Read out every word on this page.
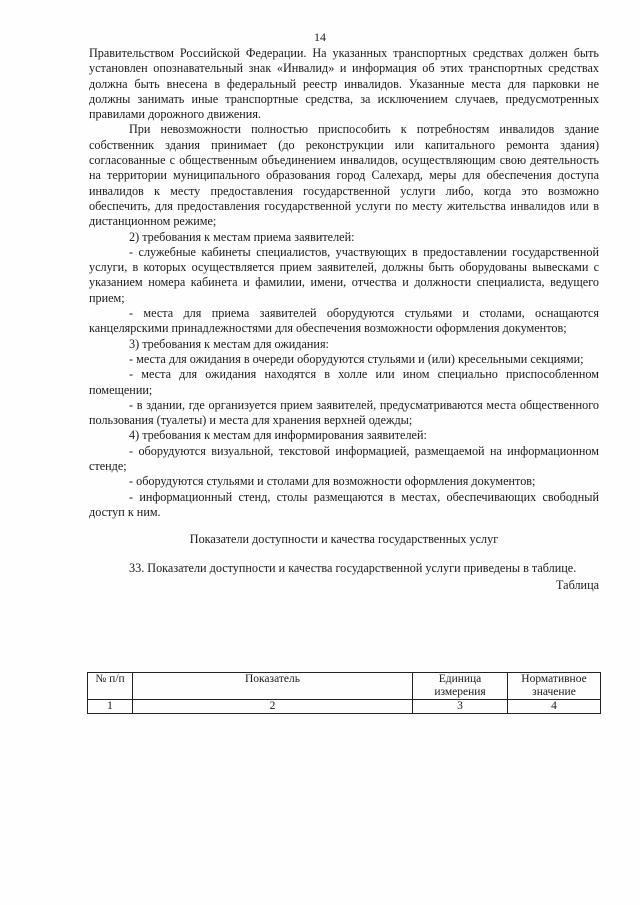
14

Правительством Российской Федерации. На указанных транспортных средствах должен быть установлен опознавательный знак «Инвалид» и информация об этих транспортных средствах должна быть внесена в федеральный реестр инвалидов. Указанные места для парковки не должны занимать иные транспортные средства, за исключением случаев, предусмотренных правилами дорожного движения.

При невозможности полностью приспособить к потребностям инвалидов здание собственник здания принимает (до реконструкции или капитального ремонта здания) согласованные с общественным объединением инвалидов, осуществляющим свою деятельность на территории муниципального образования город Салехард, меры для обеспечения доступа инвалидов к месту предоставления государственной услуги либо, когда это возможно обеспечить, для предоставления государственной услуги по месту жительства инвалидов или в дистанционном режиме;

2) требования к местам приема заявителей:

- служебные кабинеты специалистов, участвующих в предоставлении государственной услуги, в которых осуществляется прием заявителей, должны быть оборудованы вывесками с указанием номера кабинета и фамилии, имени, отчества и должности специалиста, ведущего прием;

- места для приема заявителей оборудуются стульями и столами, оснащаются канцелярскими принадлежностями для обеспечения возможности оформления документов;

3) требования к местам для ожидания:

- места для ожидания в очереди оборудуются стульями и (или) кресельными секциями;

- места для ожидания находятся в холле или ином специально приспособленном помещении;

- в здании, где организуется прием заявителей, предусматриваются места общественного пользования (туалеты) и места для хранения верхней одежды;

4) требования к местам для информирования заявителей:

- оборудуются визуальной, текстовой информацией, размещаемой на информационном стенде;

- оборудуются стульями и столами для возможности оформления документов;

- информационный стенд, столы размещаются в местах, обеспечивающих свободный доступ к ним.

Показатели доступности и качества государственных услуг

33. Показатели доступности и качества государственной услуги приведены в таблице.

Таблица

№ п/п	Показатель	Единица измерения	Нормативное значение
1	2	3	4
